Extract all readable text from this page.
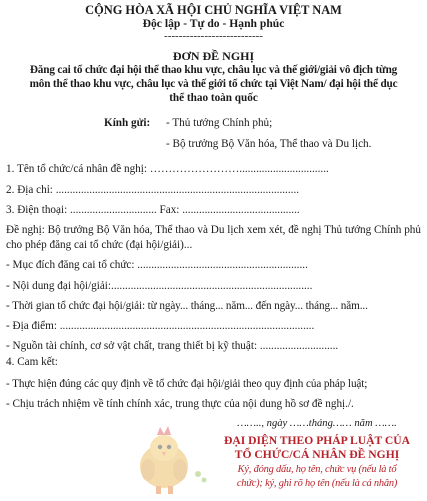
CỘNG HÒA XÃ HỘI CHỦ NGHĨA VIỆT NAM
Độc lập - Tự do - Hạnh phúc
---------------------------
ĐƠN ĐỀ NGHỊ
Đăng cai tổ chức đại hội thể thao khu vực, châu lục và thế giới/giải vô địch từng
môn thể thao khu vực, châu lục và thế giới tổ chức tại Việt Nam/ đại hội thể dục
thể thao toàn quốc
Kính gửi: - Thủ tướng Chính phủ;
- Bộ trưởng Bộ Văn hóa, Thể thao và Du lịch.
1. Tên tổ chức/cá nhân đề nghị: ……………………................................
2. Địa chỉ: .......................................................................................
3. Điện thoại: ............................... Fax: ..........................................
Đề nghị: Bộ trưởng Bộ Văn hóa, Thể thao và Du lịch xem xét, đề nghị Thủ tướng Chính phủ cho phép đăng cai tổ chức (đại hội/giải)...
- Mục đích đăng cai tổ chức: .............................................................
- Nội dung đại hội/giải:........................................................................
- Thời gian tổ chức đại hội/giải: từ ngày... tháng... năm... đến ngày... tháng... năm...
- Địa điểm: ...........................................................................................
- Nguồn tài chính, cơ sở vật chất, trang thiết bị kỹ thuật: ............................
4. Cam kết:
- Thực hiện đúng các quy định về tổ chức đại hội/giải theo quy định của pháp luật;
- Chịu trách nhiệm về tính chính xác, trung thực của nội dung hồ sơ đề nghị./.
…….., ngày ……tháng…… năm …….
ĐẠI DIỆN THEO PHÁP LUẬT CỦA
TỔ CHỨC/CÁ NHÂN ĐỀ NGHỊ
Ký, đóng dấu, họ tên, chức vụ (nếu là tổ
chức); ký, ghi rõ họ tên (nếu là cá nhân)
